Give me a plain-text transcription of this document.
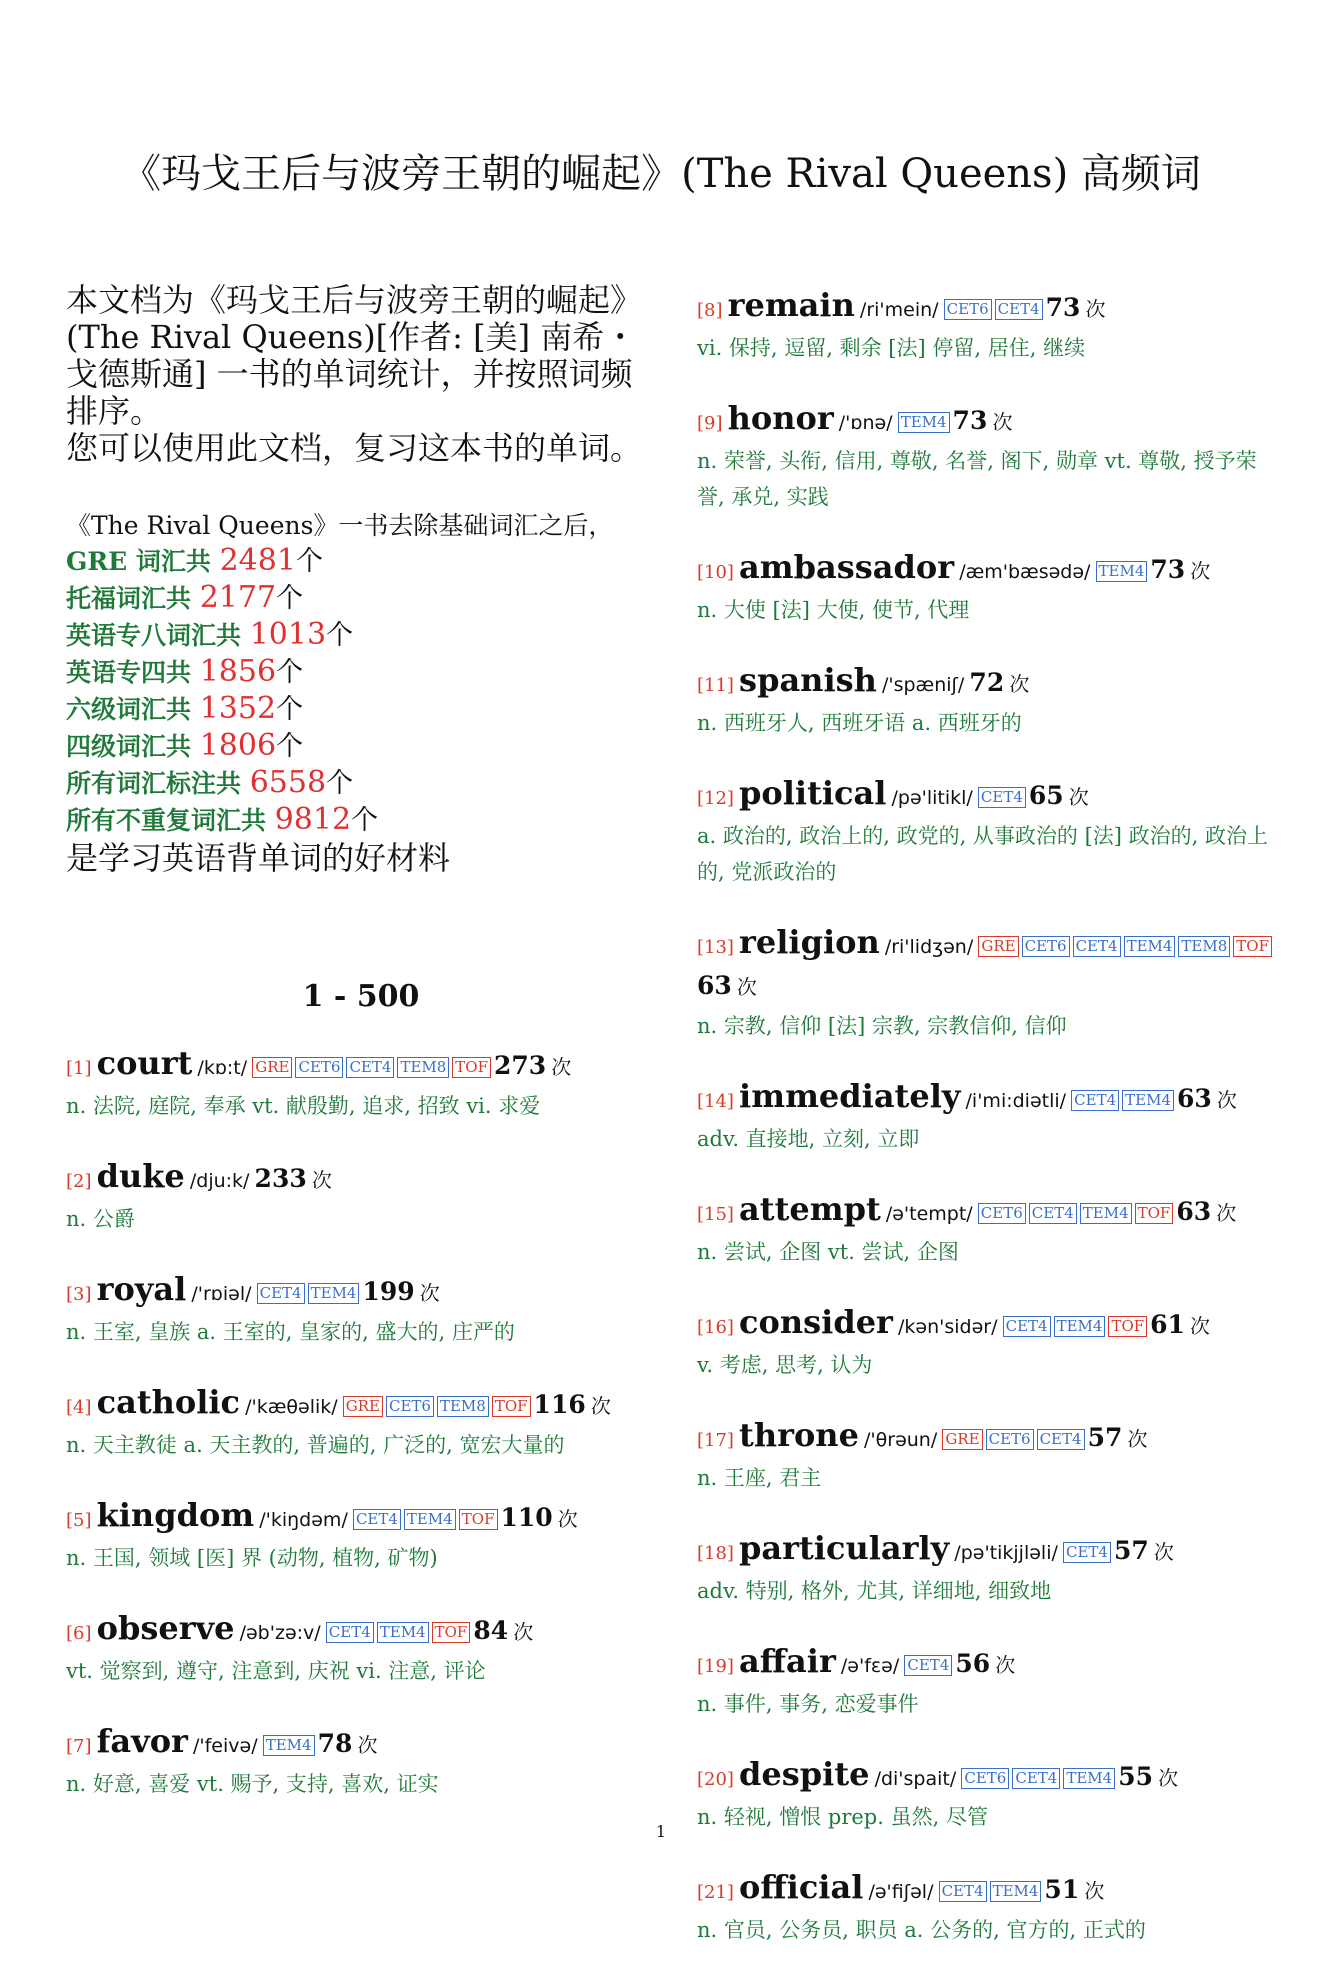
《玛戈王后与波旁王朝的崛起》(The Rival Queens) 高频词

本文档为《玛戈王后与波旁王朝的崛起》(The Rival Queens)[作者: [美] 南希・戈德斯通] 一书的单词统计，并按照词频排序。

您可以使用此文档，复习这本书的单词。

《The Rival Queens》一书去除基础词汇之后，
GRE 词汇共 2481个
托福词汇共 2177个
英语专八词汇共 1013个
英语专四共 1856个
六级词汇共 1352个
四级词汇共 1806个
所有词汇标注共 6558个
所有不重复词汇共 9812个
是学习英语背单词的好材料
1 - 500
[1] court /kɒ:t/ GRE CET6 CET4 TEM8 TOF 273 次
n. 法院, 庭院, 奉承 vt. 献殷勤, 追求, 招致 vi. 求爱
[2] duke /dju:k/ 233 次
n. 公爵
[3] royal /'rɒiəl/ CET4 TEM4 199 次
n. 王室, 皇族 a. 王室的, 皇家的, 盛大的, 庄严的
[4] catholic /'kæθəlik/ GRE CET6 TEM8 TOF 116 次
n. 天主教徒 a. 天主教的, 普遍的, 广泛的, 宽宏大量的
[5] kingdom /'kiŋdəm/ CET4 TEM4 TOF 110 次
n. 王国, 领域 [医] 界 (动物, 植物, 矿物)
[6] observe /əb'zə:v/ CET4 TEM4 TOF 84 次
vt. 觉察到, 遵守, 注意到, 庆祝 vi. 注意, 评论
[7] favor /'feivə/ TEM4 78 次
n. 好意, 喜爱 vt. 赐予, 支持, 喜欢, 证实
[8] remain /ri'mein/ CET6 CET4 73 次
vi. 保持, 逗留, 剩余 [法] 停留, 居住, 继续
[9] honor /'ɒnə/ TEM4 73 次
n. 荣誉, 头衔, 信用, 尊敬, 名誉, 阁下, 勋章 vt. 尊敬, 授予荣誉, 承兑, 实践
[10] ambassador /æm'bæsədə/ TEM4 73 次
n. 大使 [法] 大使, 使节, 代理
[11] spanish /'spæniʃ/ 72 次
n. 西班牙人, 西班牙语 a. 西班牙的
[12] political /pə'litikl/ CET4 65 次
a. 政治的, 政治上的, 政党的, 从事政治的 [法] 政治的, 政治上的, 党派政治的
[13] religion /ri'lidʒən/ GRE CET6 CET4 TEM4 TEM8 TOF63 次
n. 宗教, 信仰 [法] 宗教, 宗教信仰, 信仰
[14] immediately /i'mi:diətli/ CET4 TEM4 63 次
adv. 直接地, 立刻, 立即
[15] attempt /ə'tempt/ CET6 CET4 TEM4 TOF 63 次
n. 尝试, 企图 vt. 尝试, 企图
[16] consider /kən'sidər/ CET4 TEM4 TOF 61 次
v. 考虑, 思考, 认为
[17] throne /'θrəun/ GRE CET6 CET4 57 次
n. 王座, 君主
[18] particularly /pə'tikjjləli/ CET4 57 次
adv. 特别, 格外, 尤其, 详细地, 细致地
[19] affair /ə'fɛə/ CET4 56 次
n. 事件, 事务, 恋爱事件
[20] despite /di'spait/ CET6 CET4 TEM4 55 次
n. 轻视, 憎恨 prep. 虽然, 尽管
[21] official /ə'fiʃəl/ CET4 TEM4 51 次
n. 官员, 公务员, 职员 a. 公务的, 官方的, 正式的
1
